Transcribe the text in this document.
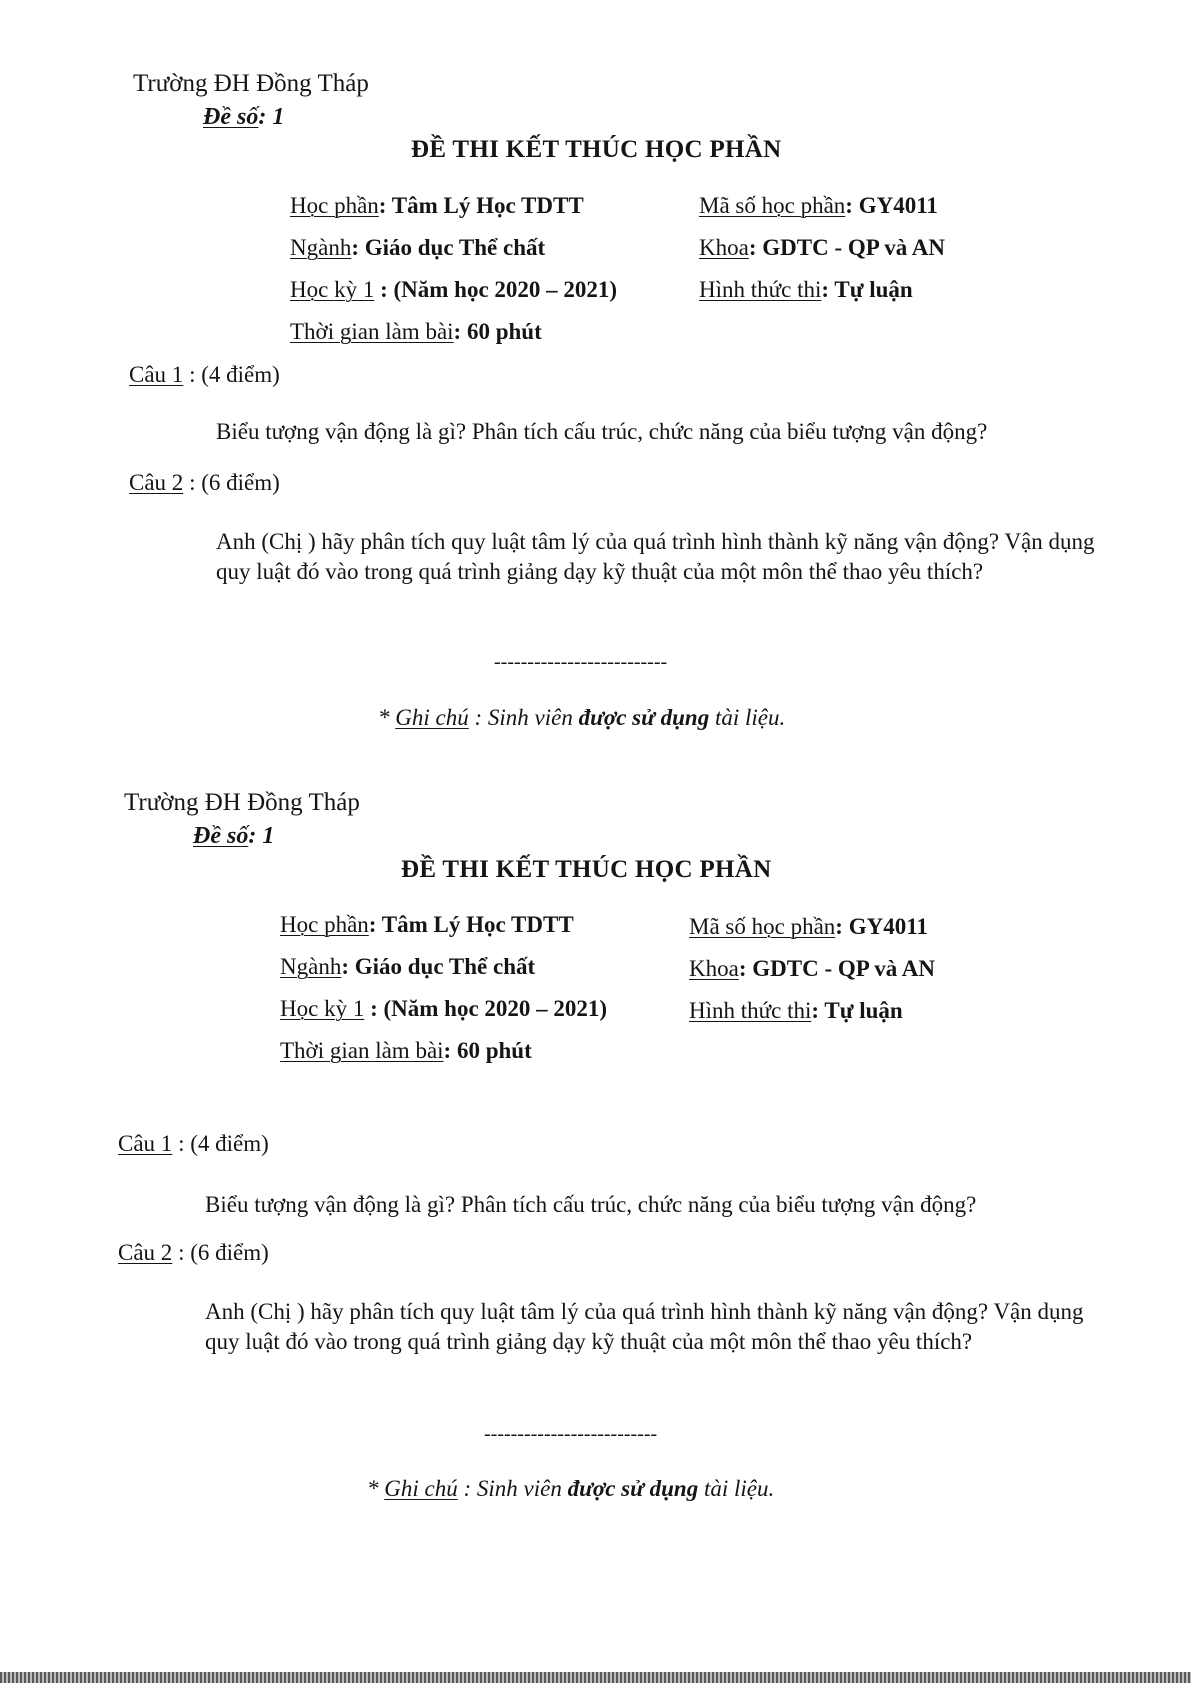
Trường ĐH Đồng Tháp
Đề số: 1
ĐỀ THI KẾT THÚC HỌC PHẦN
Học phần: Tâm Lý Học TDTT	Mã số học phần: GY4011
Ngành: Giáo dục Thể chất	Khoa: GDTC - QP và AN
Học kỳ 1 : (Năm học 2020 – 2021)	Hình thức thi: Tự luận
Thời gian làm bài: 60 phút
Câu 1 : (4 điểm)
Biểu tượng vận động là gì? Phân tích cấu trúc, chức năng của biểu tượng vận động?
Câu 2 : (6 điểm)
Anh (Chị ) hãy phân tích quy luật tâm lý của quá trình hình thành kỹ năng vận động? Vận dụng quy luật đó vào trong quá trình giảng dạy kỹ thuật của một môn thể thao yêu thích?
--------------------------
* Ghi chú : Sinh viên được sử dụng tài liệu.
Trường ĐH Đồng Tháp
Đề số: 1
ĐỀ THI KẾT THÚC HỌC PHẦN
Học phần: Tâm Lý Học TDTT	Mã số học phần: GY4011
Ngành: Giáo dục Thể chất	Khoa: GDTC - QP và AN
Học kỳ 1 : (Năm học 2020 – 2021)	Hình thức thi: Tự luận
Thời gian làm bài: 60 phút
Câu 1 : (4 điểm)
Biểu tượng vận động là gì? Phân tích cấu trúc, chức năng của biểu tượng vận động?
Câu 2 : (6 điểm)
Anh (Chị ) hãy phân tích quy luật tâm lý của quá trình hình thành kỹ năng vận động? Vận dụng quy luật đó vào trong quá trình giảng dạy kỹ thuật của một môn thể thao yêu thích?
--------------------------
* Ghi chú : Sinh viên được sử dụng tài liệu.
